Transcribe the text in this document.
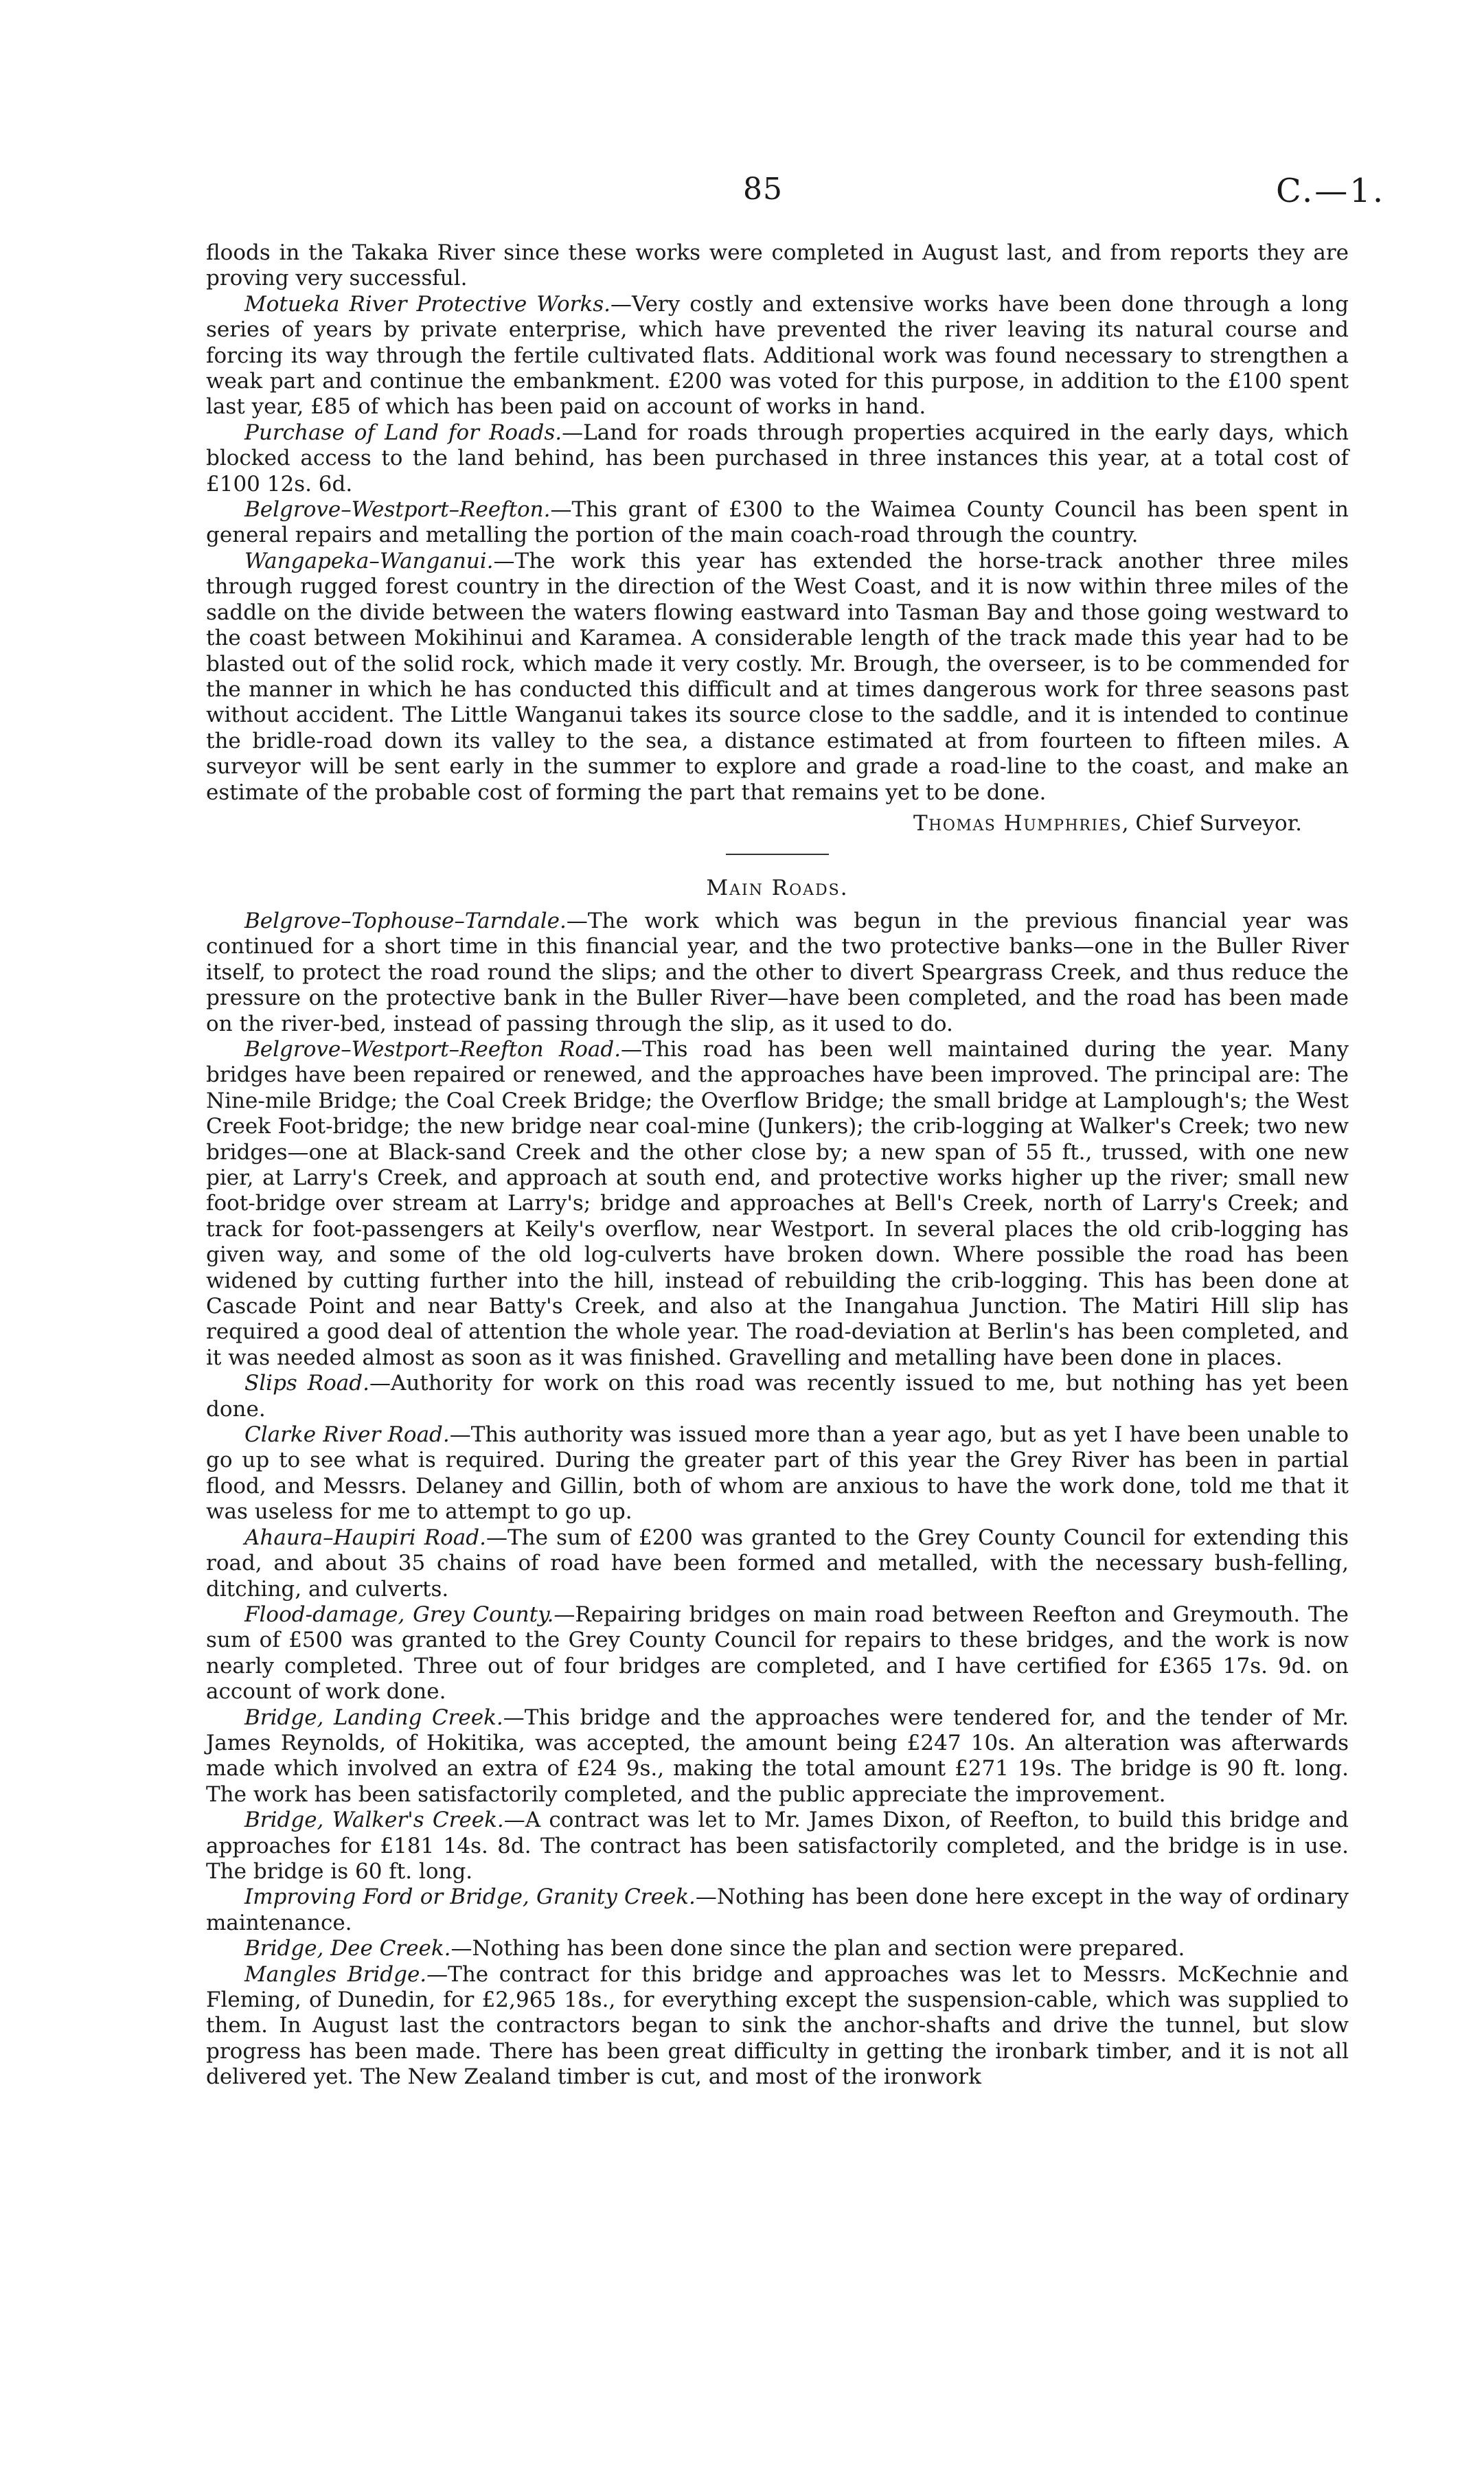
85	C.—1.

floods in the Takaka River since these works were completed in August last, and from reports they are proving very successful.

Motueka River Protective Works.—Very costly and extensive works have been done through a long series of years by private enterprise, which have prevented the river leaving its natural course and forcing its way through the fertile cultivated flats. Additional work was found necessary to strengthen a weak part and continue the embankment. £200 was voted for this purpose, in addition to the £100 spent last year, £85 of which has been paid on account of works in hand.

Purchase of Land for Roads.—Land for roads through properties acquired in the early days, which blocked access to the land behind, has been purchased in three instances this year, at a total cost of £100 12s. 6d.

Belgrove–Westport–Reefton.—This grant of £300 to the Waimea County Council has been spent in general repairs and metalling the portion of the main coach-road through the country.

Wangapeka–Wanganui.—The work this year has extended the horse-track another three miles through rugged forest country in the direction of the West Coast, and it is now within three miles of the saddle on the divide between the waters flowing eastward into Tasman Bay and those going westward to the coast between Mokihinui and Karamea. A considerable length of the track made this year had to be blasted out of the solid rock, which made it very costly. Mr. Brough, the overseer, is to be commended for the manner in which he has conducted this difficult and at times dangerous work for three seasons past without accident. The Little Wanganui takes its source close to the saddle, and it is intended to continue the bridle-road down its valley to the sea, a distance estimated at from fourteen to fifteen miles. A surveyor will be sent early in the summer to explore and grade a road-line to the coast, and make an estimate of the probable cost of forming the part that remains yet to be done.

Thomas Humphries, Chief Surveyor.

Main Roads.

Belgrove–Tophouse–Tarndale.—The work which was begun in the previous financial year was continued for a short time in this financial year, and the two protective banks—one in the Buller River itself, to protect the road round the slips; and the other to divert Speargrass Creek, and thus reduce the pressure on the protective bank in the Buller River—have been completed, and the road has been made on the river-bed, instead of passing through the slip, as it used to do.

Belgrove–Westport–Reefton Road.—This road has been well maintained during the year. Many bridges have been repaired or renewed, and the approaches have been improved. The principal are: The Nine-mile Bridge; the Coal Creek Bridge; the Overflow Bridge; the small bridge at Lamplough's; the West Creek Foot-bridge; the new bridge near coal-mine (Junkers); the crib-logging at Walker's Creek; two new bridges—one at Black-sand Creek and the other close by; a new span of 55 ft., trussed, with one new pier, at Larry's Creek, and approach at south end, and protective works higher up the river; small new foot-bridge over stream at Larry's; bridge and approaches at Bell's Creek, north of Larry's Creek; and track for foot-passengers at Keily's overflow, near Westport. In several places the old crib-logging has given way, and some of the old log-culverts have broken down. Where possible the road has been widened by cutting further into the hill, instead of rebuilding the crib-logging. This has been done at Cascade Point and near Batty's Creek, and also at the Inangahua Junction. The Matiri Hill slip has required a good deal of attention the whole year. The road-deviation at Berlin's has been completed, and it was needed almost as soon as it was finished. Gravelling and metalling have been done in places.

Slips Road.—Authority for work on this road was recently issued to me, but nothing has yet been done.

Clarke River Road.—This authority was issued more than a year ago, but as yet I have been unable to go up to see what is required. During the greater part of this year the Grey River has been in partial flood, and Messrs. Delaney and Gillin, both of whom are anxious to have the work done, told me that it was useless for me to attempt to go up.

Ahaura–Haupiri Road.—The sum of £200 was granted to the Grey County Council for extending this road, and about 35 chains of road have been formed and metalled, with the necessary bush-felling, ditching, and culverts.

Flood-damage, Grey County.—Repairing bridges on main road between Reefton and Greymouth. The sum of £500 was granted to the Grey County Council for repairs to these bridges, and the work is now nearly completed. Three out of four bridges are completed, and I have certified for £365 17s. 9d. on account of work done.

Bridge, Landing Creek.—This bridge and the approaches were tendered for, and the tender of Mr. James Reynolds, of Hokitika, was accepted, the amount being £247 10s. An alteration was afterwards made which involved an extra of £24 9s., making the total amount £271 19s. The bridge is 90 ft. long. The work has been satisfactorily completed, and the public appreciate the improvement.

Bridge, Walker's Creek.—A contract was let to Mr. James Dixon, of Reefton, to build this bridge and approaches for £181 14s. 8d. The contract has been satisfactorily completed, and the bridge is in use. The bridge is 60 ft. long.

Improving Ford or Bridge, Granity Creek.—Nothing has been done here except in the way of ordinary maintenance.

Bridge, Dee Creek.—Nothing has been done since the plan and section were prepared.

Mangles Bridge.—The contract for this bridge and approaches was let to Messrs. McKechnie and Fleming, of Dunedin, for £2,965 18s., for everything except the suspension-cable, which was supplied to them. In August last the contractors began to sink the anchor-shafts and drive the tunnel, but slow progress has been made. There has been great difficulty in getting the ironbark timber, and it is not all delivered yet. The New Zealand timber is cut, and most of the ironwork
